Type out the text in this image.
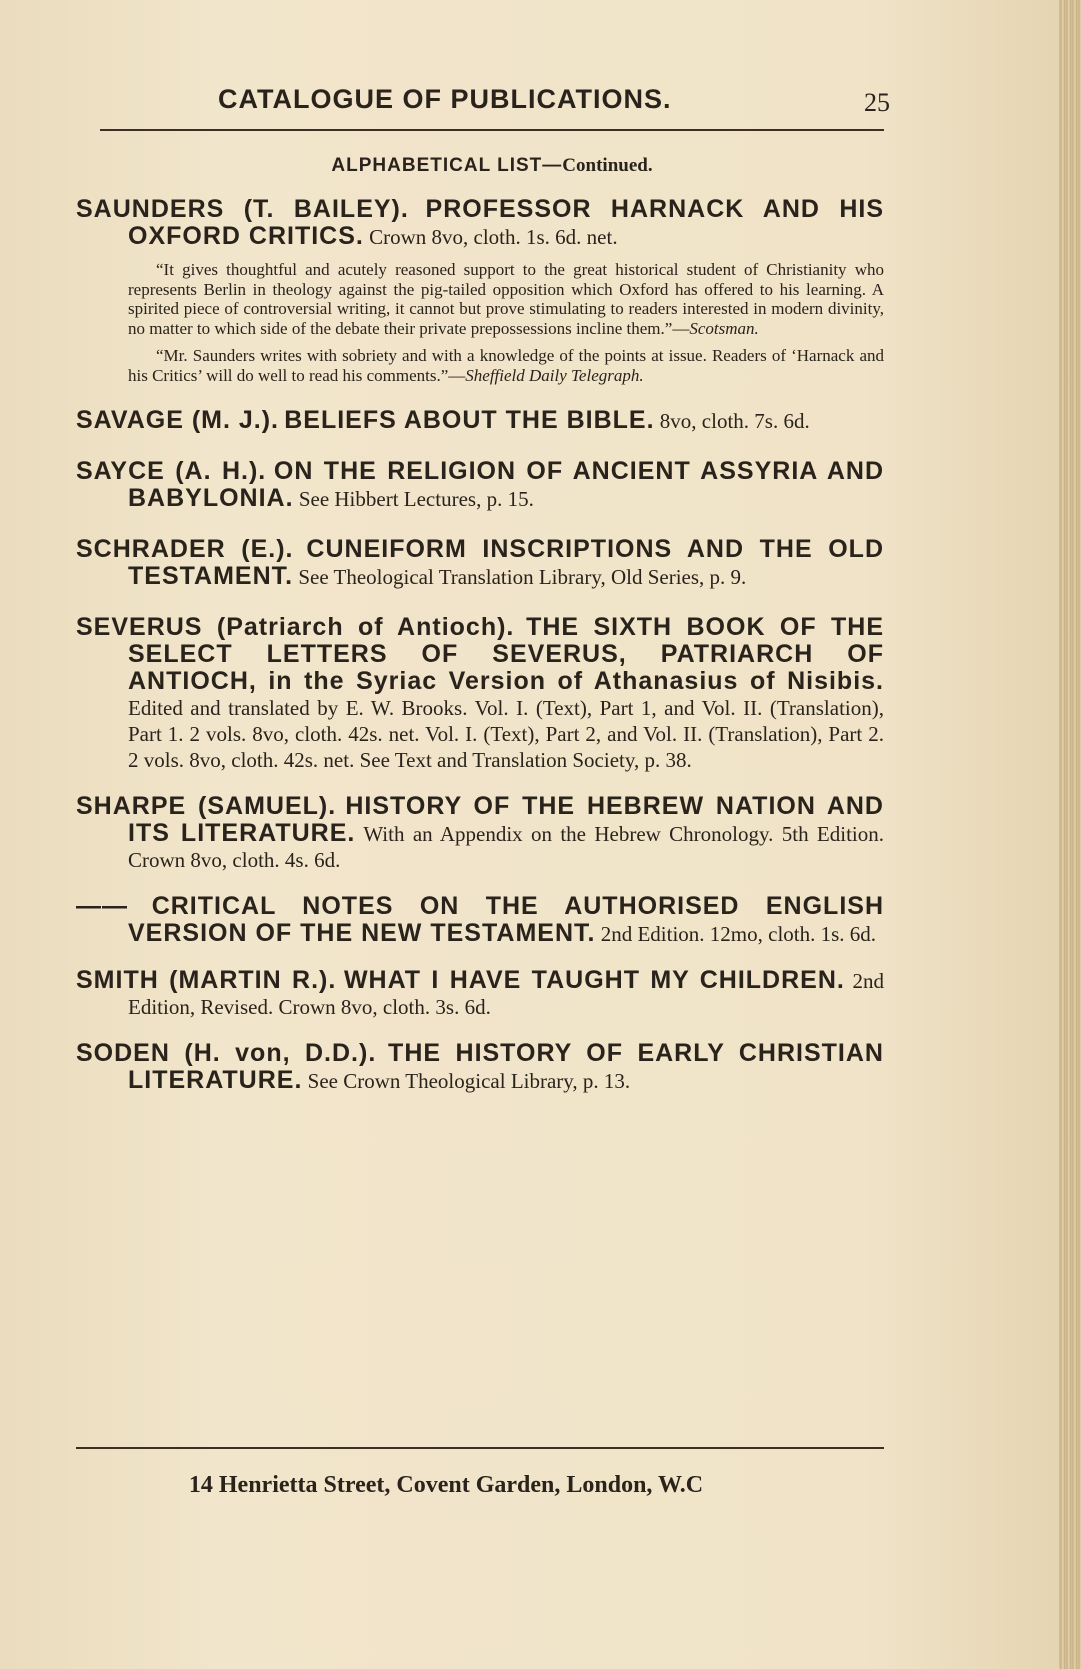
CATALOGUE OF PUBLICATIONS.	25
ALPHABETICAL LIST—Continued.
SAUNDERS (T. BAILEY). PROFESSOR HARNACK AND HIS OXFORD CRITICS. Crown 8vo, cloth. 1s. 6d. net.

“It gives thoughtful and acutely reasoned support to the great historical student of Christianity who represents Berlin in theology against the pig-tailed opposition which Oxford has offered to his learning. A spirited piece of controversial writing, it cannot but prove stimulating to readers interested in modern divinity, no matter to which side of the debate their private prepossessions incline them.”—Scotsman.

“Mr. Saunders writes with sobriety and with a knowledge of the points at issue. Readers of ‘Harnack and his Critics’ will do well to read his comments.”—Sheffield Daily Telegraph.

SAVAGE (M. J.). BELIEFS ABOUT THE BIBLE. 8vo, cloth. 7s. 6d.
SAYCE (A. H.). ON THE RELIGION OF ANCIENT ASSYRIA AND BABYLONIA. See Hibbert Lectures, p. 15.
SCHRADER (E.). CUNEIFORM INSCRIPTIONS AND THE OLD TESTAMENT. See Theological Translation Library, Old Series, p. 9.
SEVERUS (Patriarch of Antioch). THE SIXTH BOOK OF THE SELECT LETTERS OF SEVERUS, PATRIARCH OF ANTIOCH, in the Syriac Version of Athanasius of Nisibis. Edited and translated by E. W. Brooks. Vol. I. (Text), Part 1, and Vol. II. (Translation), Part 1. 2 vols. 8vo, cloth. 42s. net. Vol. I. (Text), Part 2, and Vol. II. (Translation), Part 2. 2 vols. 8vo, cloth. 42s. net. See Text and Translation Society, p. 38.
SHARPE (SAMUEL). HISTORY OF THE HEBREW NATION AND ITS LITERATURE. With an Appendix on the Hebrew Chronology. 5th Edition. Crown 8vo, cloth. 4s. 6d.
—— CRITICAL NOTES ON THE AUTHORISED ENGLISH VERSION OF THE NEW TESTAMENT. 2nd Edition. 12mo, cloth. 1s. 6d.
SMITH (MARTIN R.). WHAT I HAVE TAUGHT MY CHILDREN. 2nd Edition, Revised. Crown 8vo, cloth. 3s. 6d.
SODEN (H. von, D.D.). THE HISTORY OF EARLY CHRISTIAN LITERATURE. See Crown Theological Library, p. 13.
14 Henrietta Street, Covent Garden, London, W.C
